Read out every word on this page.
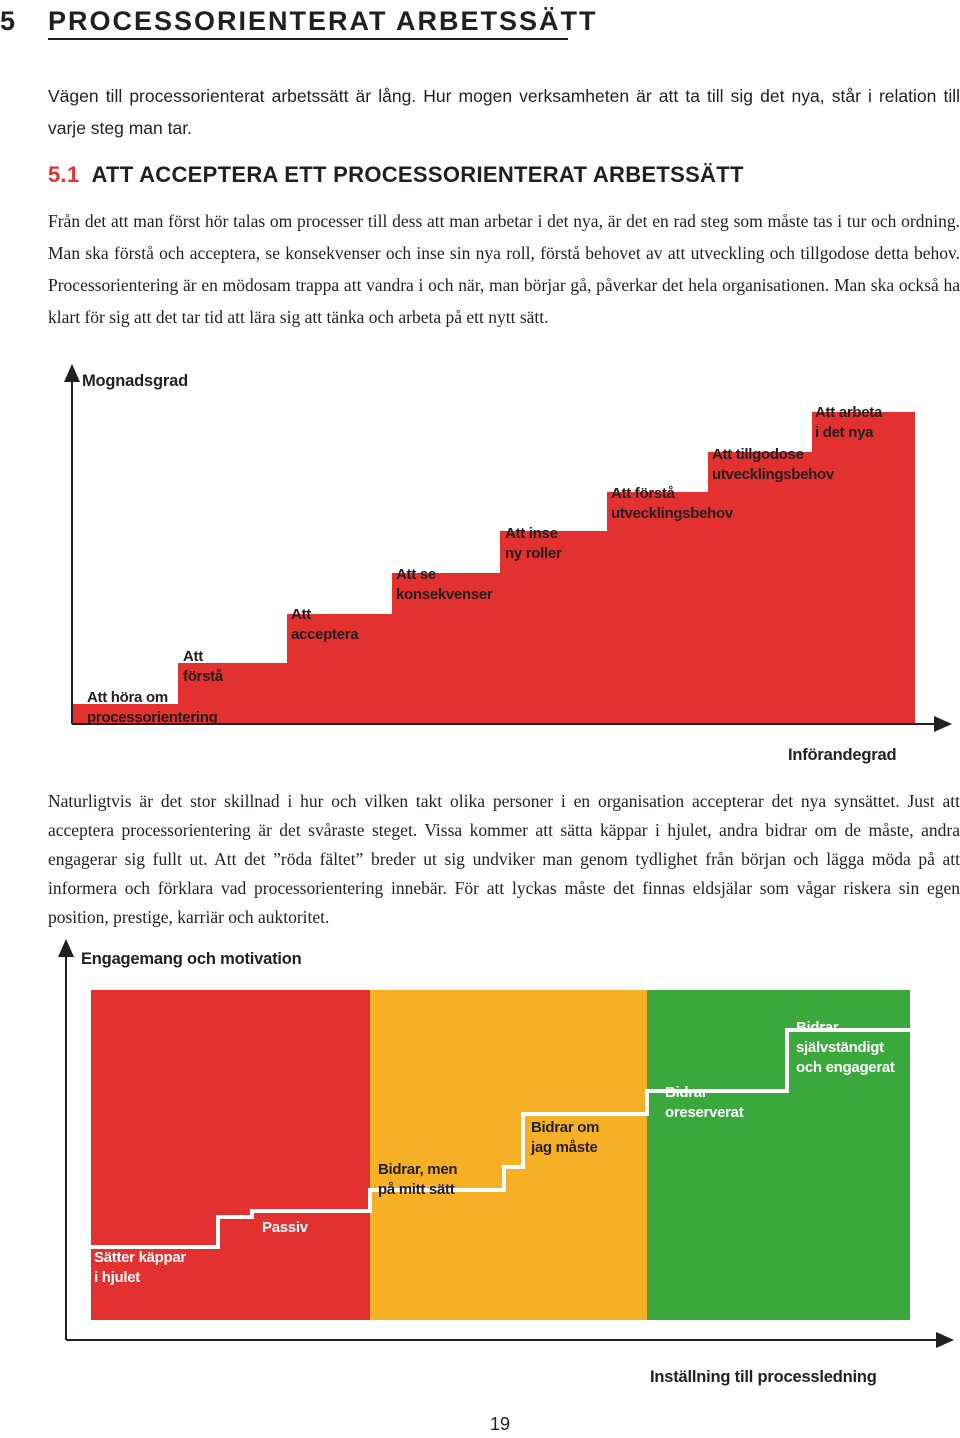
5 PROCESSORIENTERAT ARBETSSÄTT
Vägen till processorienterat arbetssätt är lång. Hur mogen verksamheten är att ta till sig det nya, står i relation till varje steg man tar.
5.1 ATT ACCEPTERA ETT PROCESSORIENTERAT ARBETSSÄTT
Från det att man först hör talas om processer till dess att man arbetar i det nya, är det en rad steg som måste tas i tur och ordning. Man ska förstå och acceptera, se konsekvenser och inse sin nya roll, förstå behovet av att utveckling och tillgodose detta behov. Processorientering är en mödosam trappa att vandra i och när, man börjar gå, påverkar det hela organisationen. Man ska också ha klart för sig att det tar tid att lära sig att tänka och arbeta på ett nytt sätt.
Mognadsgrad
Införandegrad
Att höra om
processorientering
Att
förstå
Att
acceptera
Att se
konsekvenser
Att inse
ny roller
Att förstå
utvecklingsbehov
Att tillgodose
utvecklingsbehov
Att arbeta
i det nya
Naturligtvis är det stor skillnad i hur och vilken takt olika personer i en organisation accepterar det nya synsättet. Just att acceptera processorientering är det svåraste steget. Vissa kommer att sätta käppar i hjulet, andra bidrar om de måste, andra engagerar sig fullt ut. Att det ”röda fältet” breder ut sig undviker man genom tydlighet från början och lägga möda på att informera och förklara vad processorientering innebär. För att lyckas måste det finnas eldsjälar som vågar riskera sin egen position, prestige, karriär och auktoritet.
Engagemang och motivation
Inställning till processledning
Sätter käppar
i hjulet
Passiv
Bidrar, men
på mitt sätt
Bidrar om
jag måste
Bidrar
oreserverat
Bidrar
självständigt
och engagerat
19
